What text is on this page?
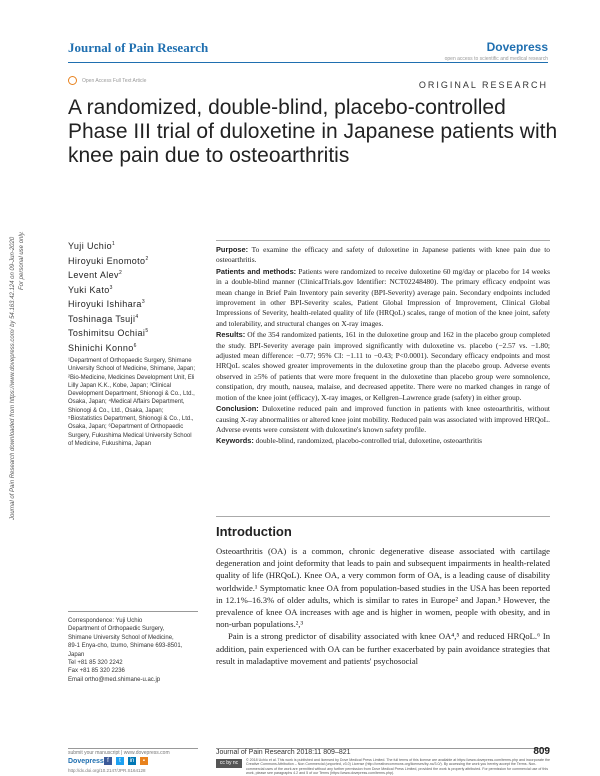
Journal of Pain Research	Dovepress
open access to scientific and medical research
Open Access Full Text Article	ORIGINAL RESEARCH
A randomized, double-blind, placebo-controlled Phase III trial of duloxetine in Japanese patients with knee pain due to osteoarthritis
Journal of Pain Research downloaded from https://www.dovepress.com/ by 54.163.42.124 on 09-Jun-2020 For personal use only.	Yuji Uchio$^1$
Hiroyuki Enomoto$^2$
Levent Alev$^2$
Yuki Kato$^3$
Hiroyuki Ishihara$^3$
Toshinaga Tsuji$^4$
Toshimitsu Ochiai$^5$
Shinichi Konno$^6$
¹Department of Orthopaedic Surgery, Shimane University School of Medicine, Shimane, Japan; ²Bio-Medicine, Medicines Development Unit, Eli Lilly Japan K.K., Kobe, Japan; ³Clinical Development Department, Shionogi & Co., Ltd., Osaka, Japan; ⁴Medical Affairs Department, Shionogi & Co., Ltd., Osaka, Japan; ⁵Biostatistics Department, Shionogi & Co., Ltd., Osaka, Japan; ⁶Department of Orthopaedic Surgery, Fukushima Medical University School of Medicine, Fukushima, Japan
Correspondence: Yuji Uchio
Department of Orthopaedic Surgery,
Shimane University School of Medicine,
89-1 Enya-cho, Izumo, Shimane 693-8501,
Japan
Tel +81 85 320 2242
Fax +81 85 320 2236
Email ortho@med.shimane-u.ac.jp

Purpose: To examine the efficacy and safety of duloxetine in Japanese patients with knee pain due to osteoarthritis.

Patients and methods: Patients were randomized to receive duloxetine 60 mg/day or placebo for 14 weeks in a double-blind manner (ClinicalTrials.gov Identifier: NCT02248480). The primary efficacy endpoint was mean change in Brief Pain Inventory pain severity (BPI-Severity) average pain. Secondary endpoints included improvement in other BPI-Severity scales, Patient Global Impression of Improvement, Clinical Global Impressions of Severity, health-related quality of life (HRQoL) scales, range of motion of the knee joint, safety and tolerability, and structural changes on X-ray images.

Results: Of the 354 randomized patients, 161 in the duloxetine group and 162 in the placebo group completed the study. BPI-Severity average pain improved significantly with duloxetine vs. placebo (−2.57 vs. −1.80; adjusted mean difference: −0.77; 95% CI: −1.11 to −0.43; P<0.0001). Secondary efficacy endpoints and most HRQoL scales showed greater improvements in the duloxetine group than the placebo group. Adverse events observed in ≥5% of patients that were more frequent in the duloxetine than placebo group were somnolence, constipation, dry mouth, nausea, malaise, and decreased appetite. There were no marked changes in range of motion of the knee joint (efficacy), X-ray images, or Kellgren–Lawrence grade (safety) in either group.

Conclusion: Duloxetine reduced pain and improved function in patients with knee osteoarthritis, without causing X-ray abnormalities or altered knee joint mobility. Reduced pain was associated with improved HRQoL. Adverse events were consistent with duloxetine's known safety profile.

Keywords: double-blind, randomized, placebo-controlled trial, duloxetine, osteoarthritis

Introduction

Osteoarthritis (OA) is a common, chronic degenerative disease associated with cartilage degeneration and joint deformity that leads to pain and subsequent impairments in health-related quality of life (HRQoL). Knee OA, a very common form of OA, is a leading cause of disability worldwide.¹ Symptomatic knee OA from population-based studies in the USA has been reported in 12.1%–16.3% of older adults, which is similar to rates in Europe² and Japan.³ However, the prevalence of knee OA increases with age and is higher in women, people with obesity, and in non-urban populations.²,³

Pain is a strong predictor of disability associated with knee OA⁴,⁵ and reduced HRQoL.⁶ In addition, pain experienced with OA can be further exacerbated by pain avoidance strategies that result in maladaptive movement and patients' psychosocial

submit your manuscript | www.dovepress.com
Dovepress f t in ▪
http://dx.doi.org/10.2147/JPR.S164128
Journal of Pain Research 2018:11 809–821	809
cc by nc	© 2018 Uchio et al. This work is published and licensed by Dove Medical Press Limited. The full terms of this license are available at https://www.dovepress.com/terms.php and incorporate the Creative Commons Attribution – Non Commercial (unported, v3.0) License (http://creativecommons.org/licenses/by-nc/3.0/). By accessing the work you hereby accept the Terms. Non-commercial uses of the work are permitted without any further permission from Dove Medical Press Limited, provided the work is properly attributed. For permission for commercial use of this work, please see paragraphs 4.2 and 5 of our Terms (https://www.dovepress.com/terms.php).
